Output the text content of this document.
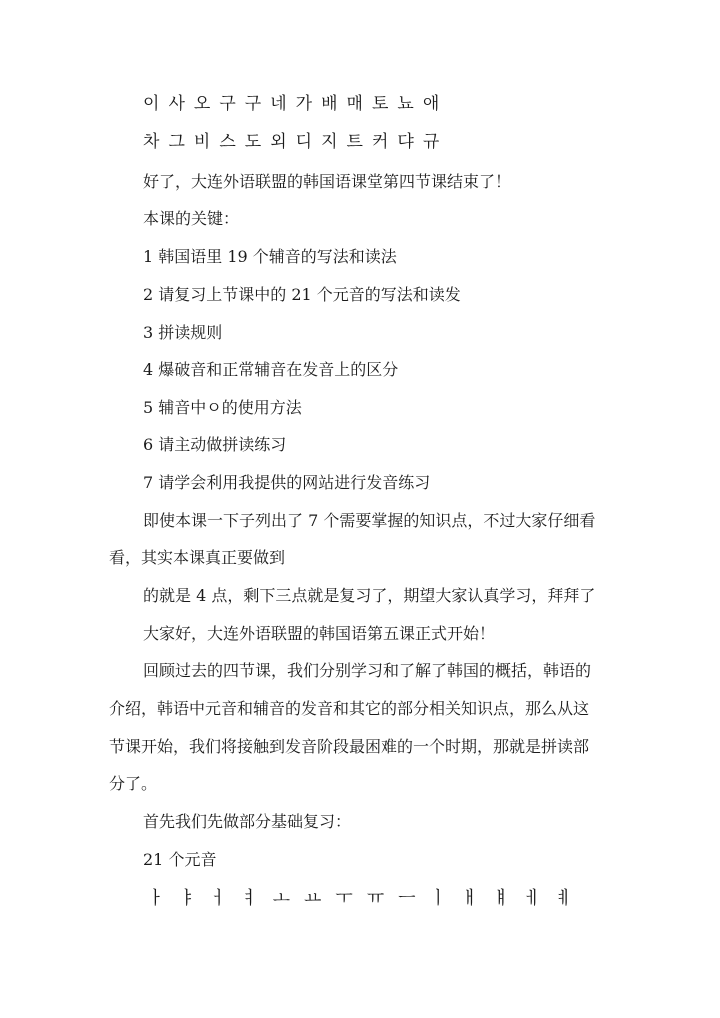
이 사 오 구 구 네 가 배 매 토 뇨 애
차 그 비 스 도 외 디 지 트 커 댜 규
好了，大连外语联盟的韩国语课堂第四节课结束了！
本课的关键：
1 韩国语里 19 个辅音的写法和读法
2 请复习上节课中的 21 个元音的写法和读发
3 拼读规则
4 爆破音和正常辅音在发音上的区分
5 辅音中ㅇ的使用方法
6 请主动做拼读练习
7 请学会利用我提供的网站进行发音练习
即使本课一下子列出了 7 个需要掌握的知识点，不过大家仔细看
看，其实本课真正要做到
的就是 4 点，剩下三点就是复习了，期望大家认真学习，拜拜了
大家好，大连外语联盟的韩国语第五课正式开始！
回顾过去的四节课，我们分别学习和了解了韩国的概括，韩语的
介绍，韩语中元音和辅音的发音和其它的部分相关知识点，那么从这
节课开始，我们将接触到发音阶段最困难的一个时期，那就是拼读部
分了。
首先我们先做部分基础复习：
21 个元音
ㅏ ㅑ ㅓ ㅕ ㅗ ㅛ ㅜ ㅠ ㅡ ㅣ ㅐ ㅒ ㅔ ㅖ
